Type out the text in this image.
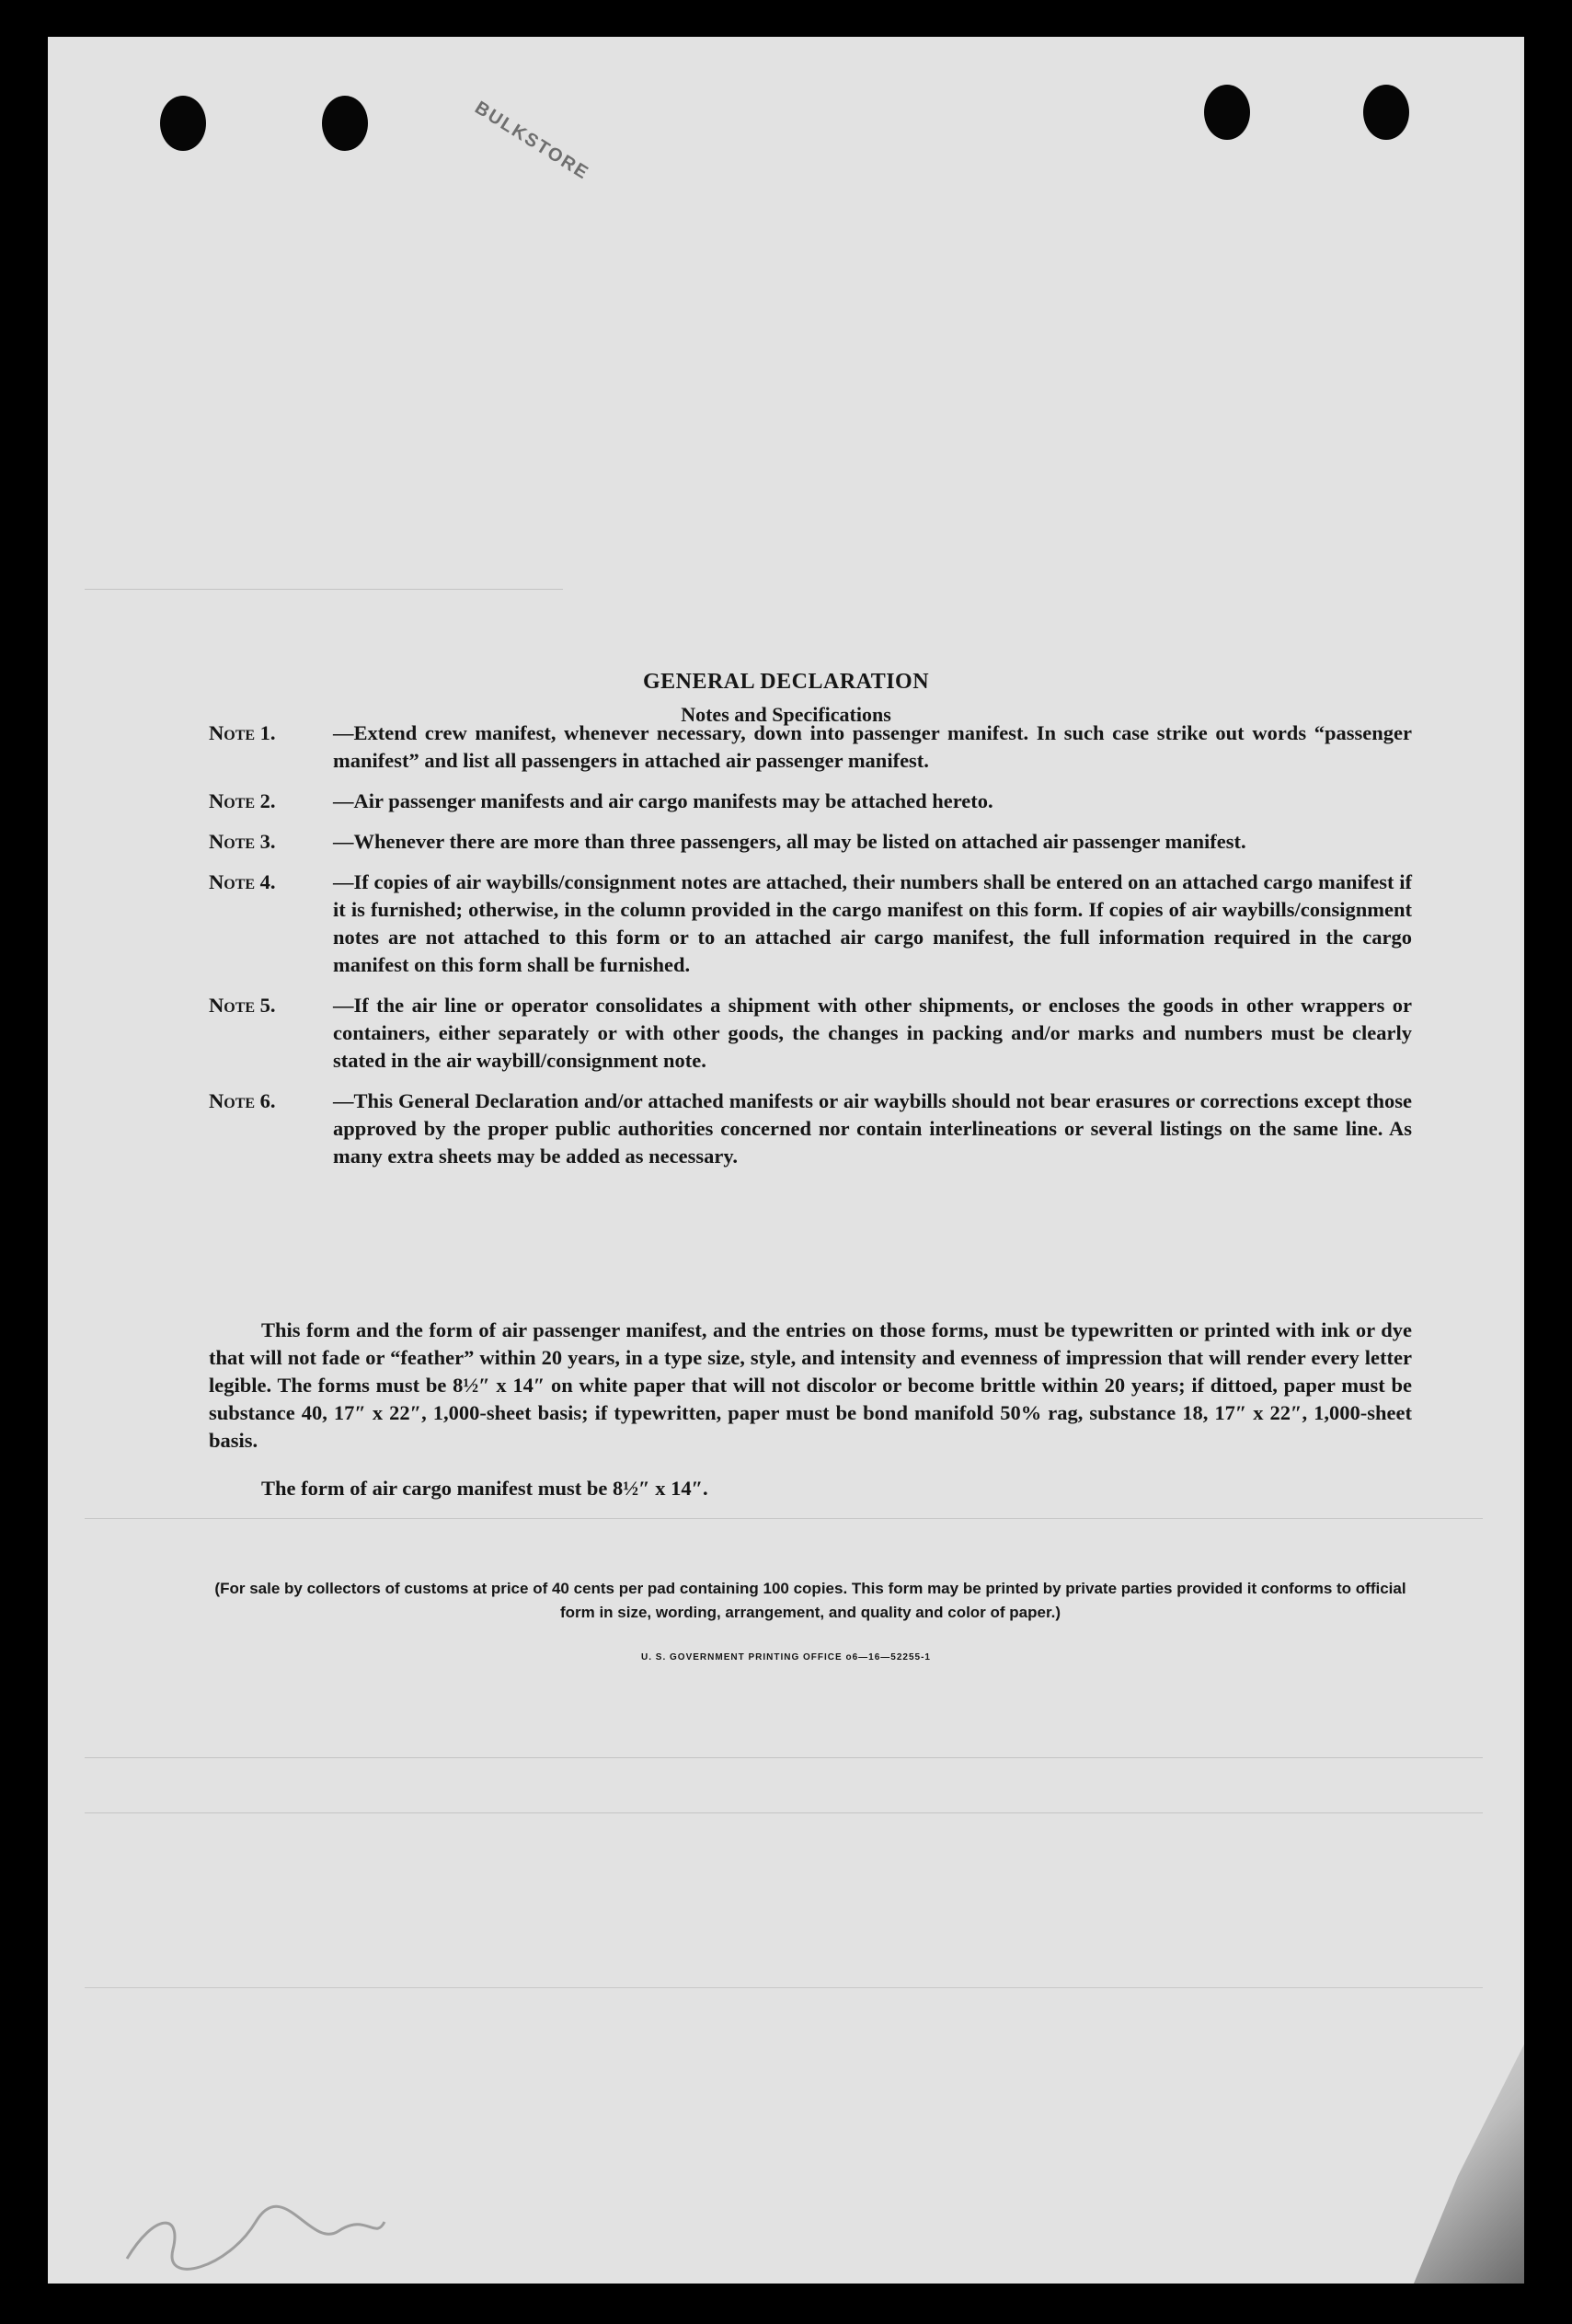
BULKSTORE
GENERAL DECLARATION
Notes and Specifications
Note 1.	—Extend crew manifest, whenever necessary, down into passenger manifest. In such case strike out words “passenger manifest” and list all passengers in attached air passenger manifest.
Note 2.	—Air passenger manifests and air cargo manifests may be attached hereto.
Note 3.	—Whenever there are more than three passengers, all may be listed on attached air passenger manifest.
Note 4.	—If copies of air waybills/consignment notes are attached, their numbers shall be entered on an attached cargo manifest if it is furnished; otherwise, in the column provided in the cargo manifest on this form. If copies of air waybills/consignment notes are not attached to this form or to an attached air cargo manifest, the full information required in the cargo manifest on this form shall be furnished.
Note 5.	—If the air line or operator consolidates a shipment with other shipments, or encloses the goods in other wrappers or containers, either separately or with other goods, the changes in packing and/or marks and numbers must be clearly stated in the air waybill/consignment note.
Note 6.	—This General Declaration and/or attached manifests or air waybills should not bear erasures or corrections except those approved by the proper public authorities concerned nor contain interlineations or several listings on the same line. As many extra sheets may be added as necessary.
This form and the form of air passenger manifest, and the entries on those forms, must be typewritten or printed with ink or dye that will not fade or “feather” within 20 years, in a type size, style, and intensity and evenness of impression that will render every letter legible. The forms must be 8½″ x 14″ on white paper that will not discolor or become brittle within 20 years; if dittoed, paper must be substance 40, 17″ x 22″, 1,000-sheet basis; if typewritten, paper must be bond manifold 50% rag, substance 18, 17″ x 22″, 1,000-sheet basis.
The form of air cargo manifest must be 8½″ x 14″.
(For sale by collectors of customs at price of 40 cents per pad containing 100 copies. This form may be printed by private parties provided it conforms to official form in size, wording, arrangement, and quality and color of paper.)
U. S. GOVERNMENT PRINTING OFFICE o6—16—52255-1
